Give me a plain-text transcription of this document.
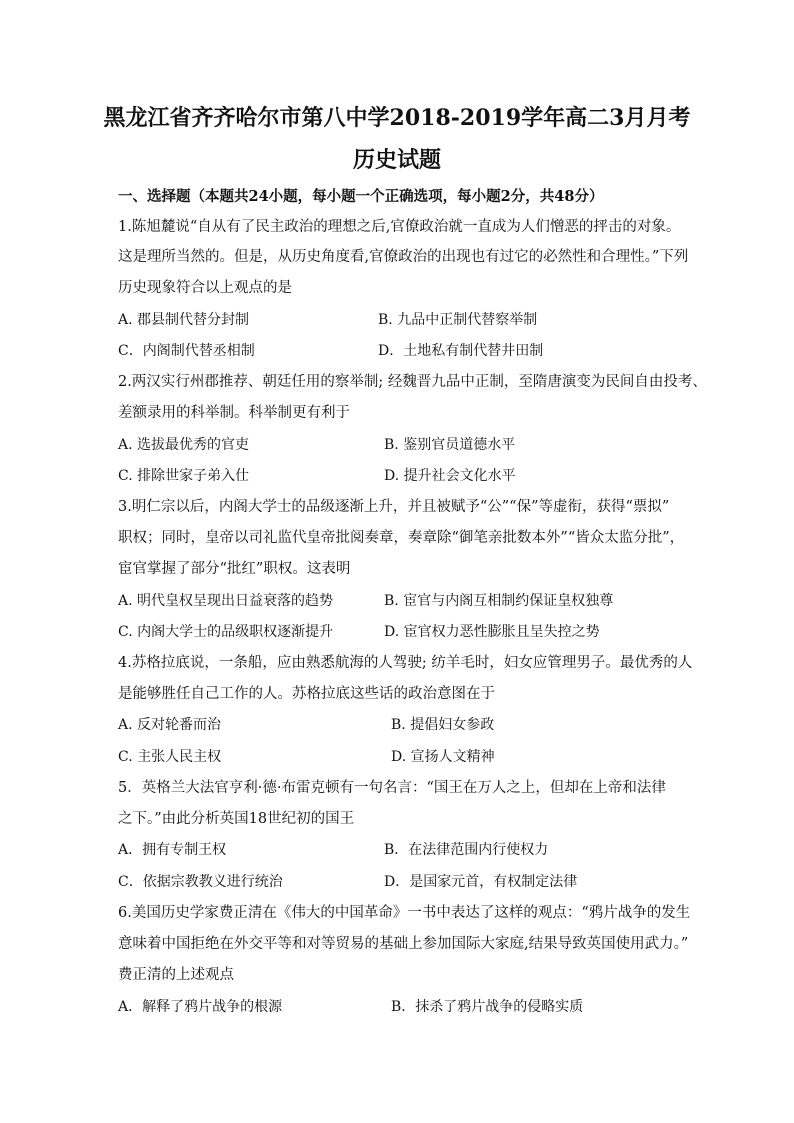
黑龙江省齐齐哈尔市第八中学2018-2019学年高二3月月考
历史试题
一、选择题（本题共24小题，每小题一个正确选项，每小题2分，共48分）
1.陈旭麓说“自从有了民主政治的理想之后,官僚政治就一直成为人们憎恶的抨击的对象。
这是理所当然的。但是，从历史角度看,官僚政治的出现也有过它的必然性和合理性。”下列
历史现象符合以上观点的是
A. 郡县制代替分封制	B. 九品中正制代替察举制
C．内阁制代替丞相制	D．土地私有制代替井田制
2.两汉实行州郡推荐、朝廷任用的察举制; 经魏晋九品中正制，至隋唐演变为民间自由投考、
差额录用的科举制。科举制更有利于
A. 选拔最优秀的官吏	B. 鉴别官员道德水平
C. 排除世家子弟入仕	D. 提升社会文化水平
3.明仁宗以后，内阁大学士的品级逐渐上升，并且被赋予“公”“保”等虚衔，获得“票拟”
职权；同时，皇帝以司礼监代皇帝批阅奏章，奏章除“御笔亲批数本外”“皆众太监分批”，
宦官掌握了部分“批红”职权。这表明
A. 明代皇权呈现出日益衰落的趋势	B. 宦官与内阁互相制约保证皇权独尊
C. 内阁大学士的品级职权逐渐提升	D. 宦官权力恶性膨胀且呈失控之势
4.苏格拉底说，一条船，应由熟悉航海的人驾驶; 纺羊毛时，妇女应管理男子。最优秀的人
是能够胜任自己工作的人。苏格拉底这些话的政治意图在于
A. 反对轮番而治	B. 提倡妇女参政
C. 主张人民主权	D. 宣扬人文精神
5．英格兰大法官亨利·德·布雷克顿有一句名言：“国王在万人之上，但却在上帝和法律
之下。”由此分析英国18世纪初的国王
A．拥有专制王权	B．在法律范围内行使权力
C．依据宗教教义进行统治	D．是国家元首，有权制定法律
6.美国历史学家费正清在《伟大的中国革命》一书中表达了这样的观点：“鸦片战争的发生
意味着中国拒绝在外交平等和对等贸易的基础上参加国际大家庭,结果导致英国使用武力。”
费正清的上述观点
A．解释了鸦片战争的根源	B．抹杀了鸦片战争的侵略实质
